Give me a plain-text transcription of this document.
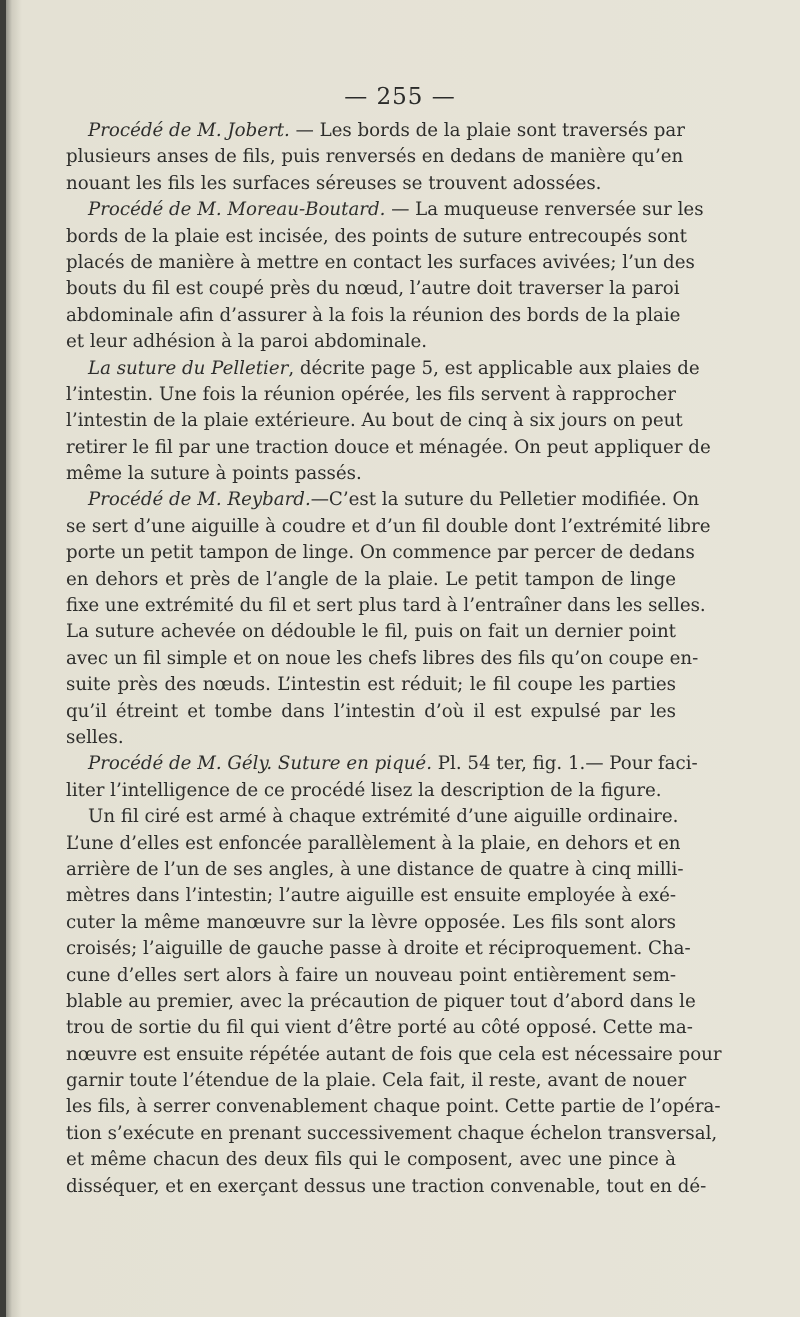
— 255 —
Procédé de M. Jobert. — Les bords de la plaie sont traversés par
plusieurs anses de fils, puis renversés en dedans de manière qu’en
nouant les fils les surfaces séreuses se trouvent adossées.
Procédé de M. Moreau-Boutard. — La muqueuse renversée sur les
bords de la plaie est incisée, des points de suture entrecoupés sont
placés de manière à mettre en contact les surfaces avivées; l’un des
bouts du fil est coupé près du nœud, l’autre doit traverser la paroi
abdominale afin d’assurer à la fois la réunion des bords de la plaie
et leur adhésion à la paroi abdominale.
La suture du Pelletier, décrite page 5, est applicable aux plaies de
l’intestin. Une fois la réunion opérée, les fils servent à rapprocher
l’intestin de la plaie extérieure. Au bout de cinq à six jours on peut
retirer le fil par une traction douce et ménagée. On peut appliquer de
même la suture à points passés.
Procédé de M. Reybard.—C’est la suture du Pelletier modifiée. On
se sert d’une aiguille à coudre et d’un fil double dont l’extrémité libre
porte un petit tampon de linge. On commence par percer de dedans
en dehors et près de l’angle de la plaie. Le petit tampon de linge
fixe une extrémité du fil et sert plus tard à l’entraîner dans les selles.
La suture achevée on dédouble le fil, puis on fait un dernier point
avec un fil simple et on noue les chefs libres des fils qu’on coupe en-
suite près des nœuds. L’intestin est réduit; le fil coupe les parties
qu’il étreint et tombe dans l’intestin d’où il est expulsé par les
selles.
Procédé de M. Gély. Suture en piqué. Pl. 54 ter, fig. 1.— Pour faci-
liter l’intelligence de ce procédé lisez la description de la figure.
Un fil ciré est armé à chaque extrémité d’une aiguille ordinaire.
L’une d’elles est enfoncée parallèlement à la plaie, en dehors et en
arrière de l’un de ses angles, à une distance de quatre à cinq milli-
mètres dans l’intestin; l’autre aiguille est ensuite employée à exé-
cuter la même manœuvre sur la lèvre opposée. Les fils sont alors
croisés; l’aiguille de gauche passe à droite et réciproquement. Cha-
cune d’elles sert alors à faire un nouveau point entièrement sem-
blable au premier, avec la précaution de piquer tout d’abord dans le
trou de sortie du fil qui vient d’être porté au côté opposé. Cette ma-
nœuvre est ensuite répétée autant de fois que cela est nécessaire pour
garnir toute l’étendue de la plaie. Cela fait, il reste, avant de nouer
les fils, à serrer convenablement chaque point. Cette partie de l’opéra-
tion s’exécute en prenant successivement chaque échelon transversal,
et même chacun des deux fils qui le composent, avec une pince à
disséquer, et en exerçant dessus une traction convenable, tout en dé-
